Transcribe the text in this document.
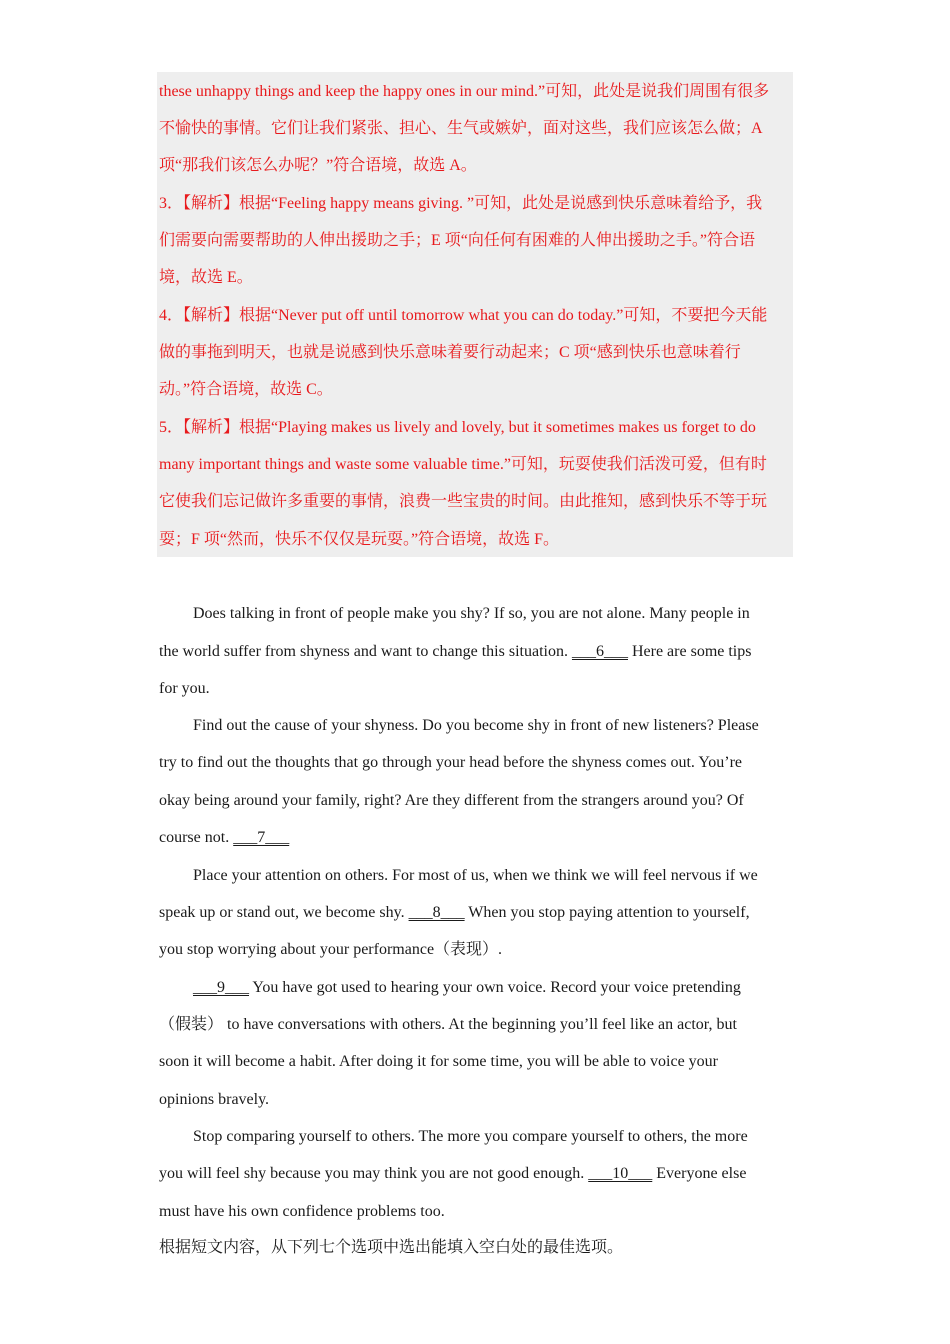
these unhappy things and keep the happy ones in our mind.”可知，此处是说我们周围有很多
不愉快的事情。它们让我们紧张、担心、生气或嫉妒，面对这些，我们应该怎么做；A
项“那我们该怎么办呢？”符合语境，故选 A。
3．【解析】根据“Feeling happy means giving. ”可知，此处是说感到快乐意味着给予，我
们需要向需要帮助的人伸出援助之手；E 项“向任何有困难的人伸出援助之手。”符合语
境，故选 E。
4．【解析】根据“Never put off until tomorrow what you can do today.”可知，不要把今天能
做的事拖到明天，也就是说感到快乐意味着要行动起来；C 项“感到快乐也意味着行
动。”符合语境，故选 C。
5．【解析】根据“Playing makes us lively and lovely, but it sometimes makes us forget to do
many important things and waste some valuable time.”可知，玩耍使我们活泼可爱，但有时
它使我们忘记做许多重要的事情，浪费一些宝贵的时间。由此推知，感到快乐不等于玩
耍；F 项“然而，快乐不仅仅是玩耍。”符合语境，故选 F。
Does talking in front of people make you shy? If so, you are not alone. Many people in
the world suffer from shyness and want to change this situation. ___6___ Here are some tips
for you.
Find out the cause of your shyness. Do you become shy in front of new listeners? Please
try to find out the thoughts that go through your head before the shyness comes out. You’re
okay being around your family, right? Are they different from the strangers around you? Of
course not. ___7___
Place your attention on others. For most of us, when we think we will feel nervous if we
speak up or stand out, we become shy. ___8___ When you stop paying attention to yourself,
you stop worrying about your performance（表现）.
___9___ You have got used to hearing your own voice. Record your voice pretending
（假装） to have conversations with others. At the beginning you’ll feel like an actor, but
soon it will become a habit. After doing it for some time, you will be able to voice your
opinions bravely.
Stop comparing yourself to others. The more you compare yourself to others, the more
you will feel shy because you may think you are not good enough. ___10___ Everyone else
must have his own confidence problems too.
根据短文内容，从下列七个选项中选出能填入空白处的最佳选项。
